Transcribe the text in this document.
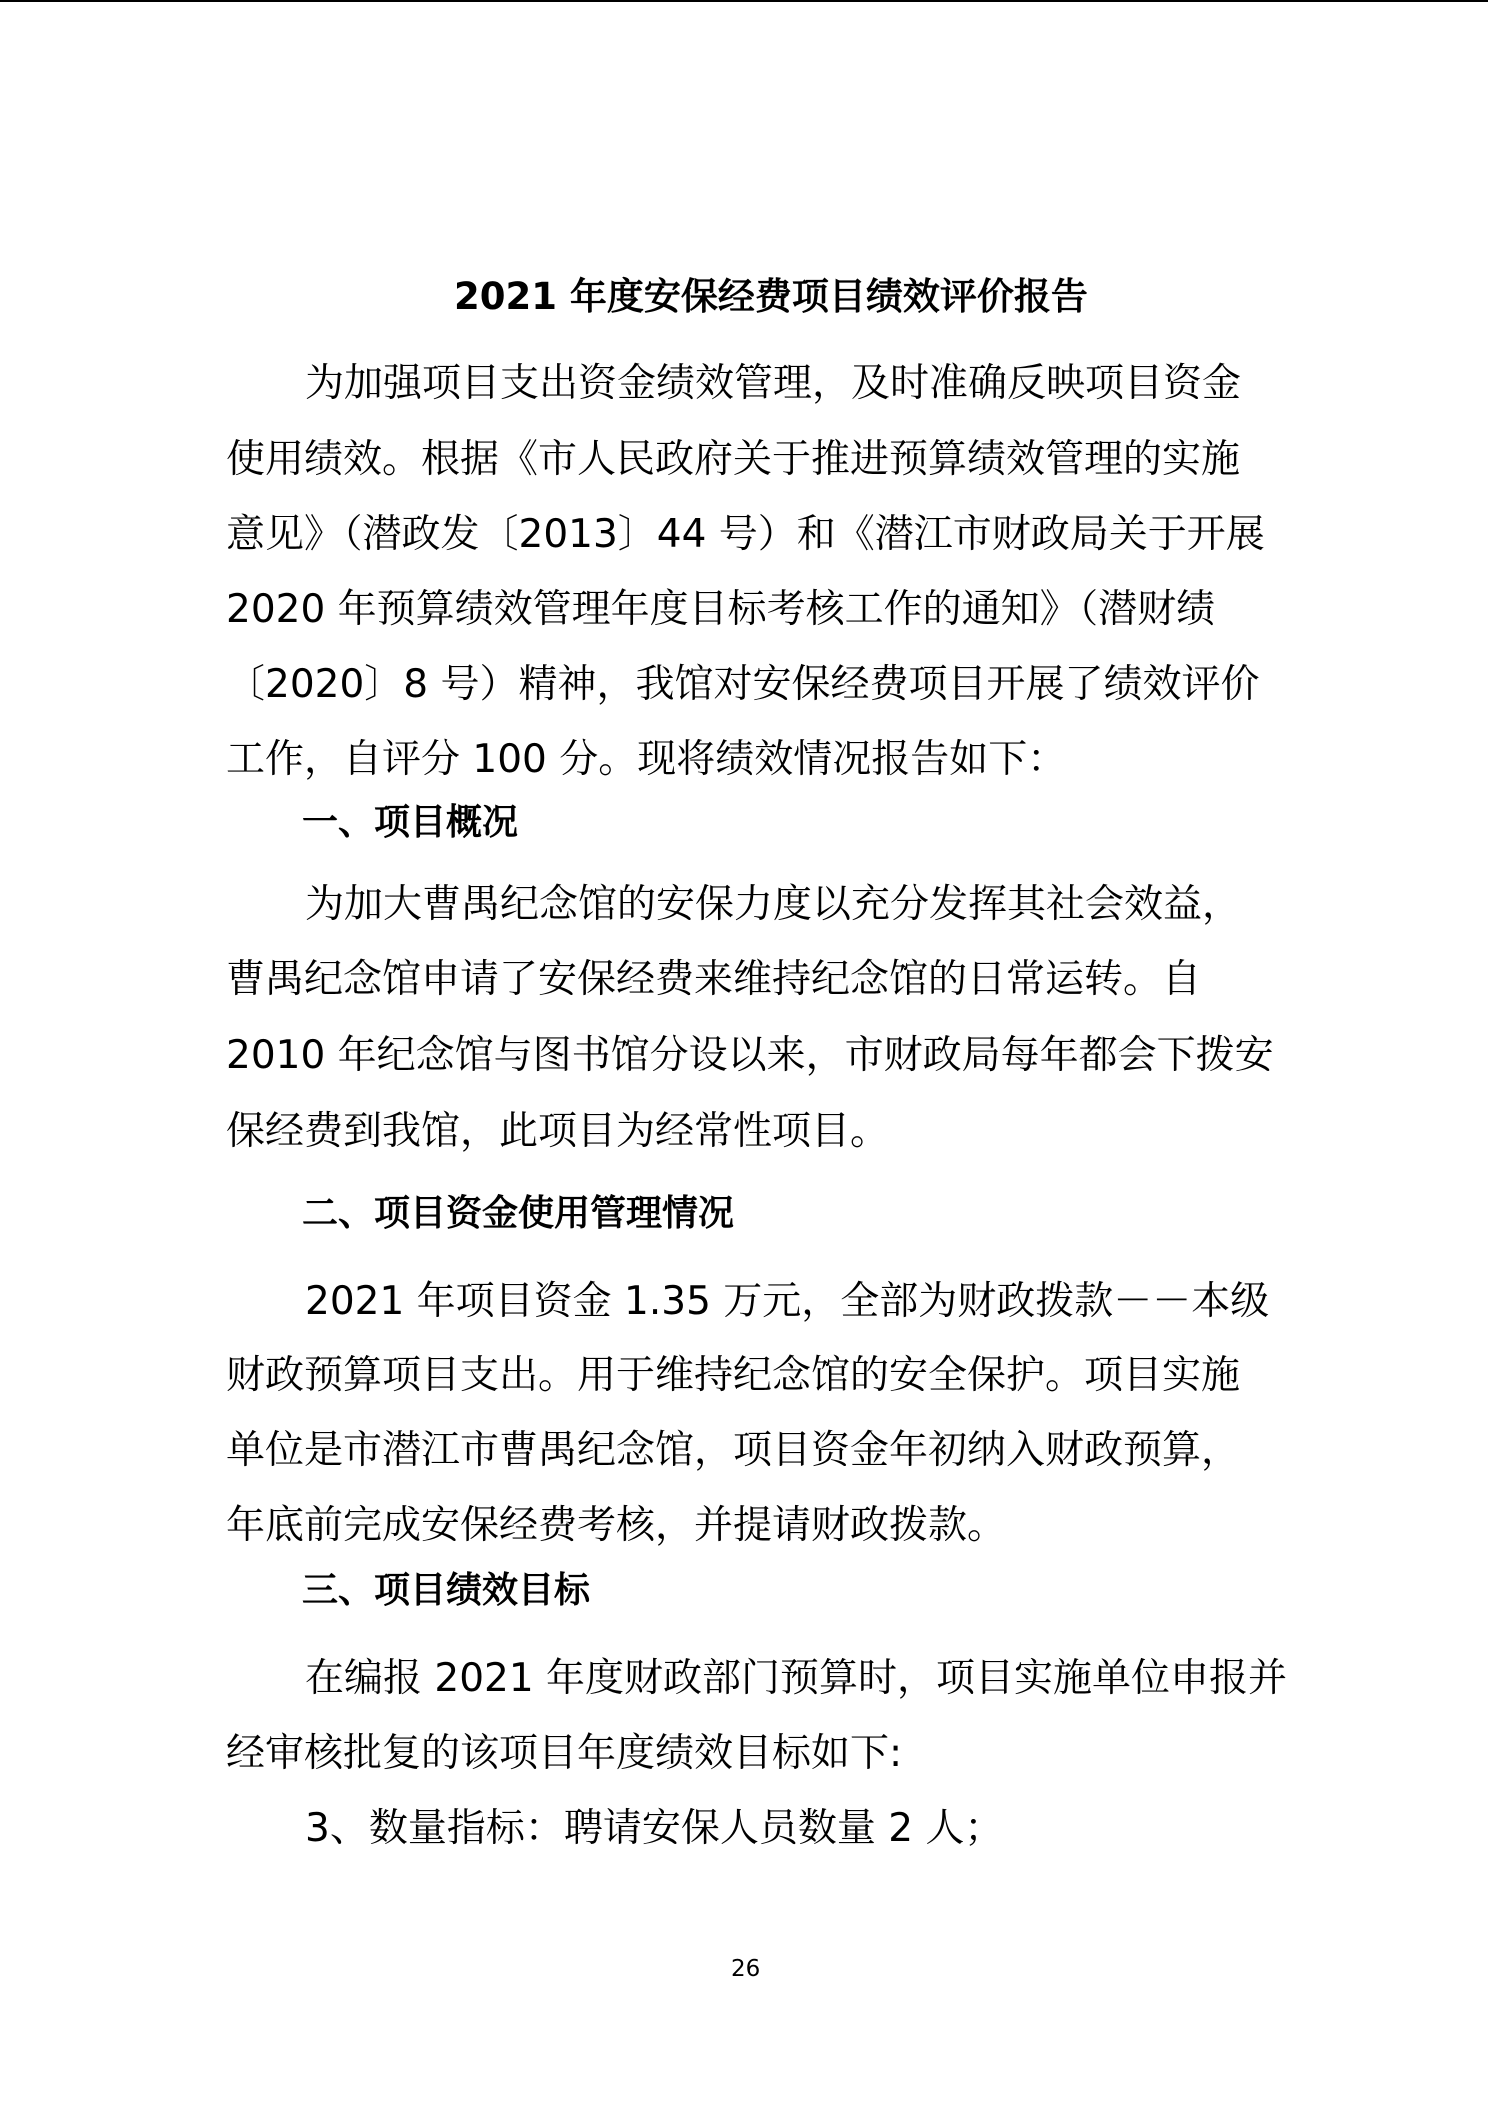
2021 年度安保经费项目绩效评价报告

为加强项目支出资金绩效管理，及时准确反映项目资金

使用绩效。根据《市人民政府关于推进预算绩效管理的实施

意见》（潜政发〔2013〕44 号）和《潜江市财政局关于开展

2020 年预算绩效管理年度目标考核工作的通知》（潜财绩

〔2020〕8 号）精神，我馆对安保经费项目开展了绩效评价

工作，自评分 100 分。现将绩效情况报告如下：

一、项目概况

为加大曹禺纪念馆的安保力度以充分发挥其社会效益，

曹禺纪念馆申请了安保经费来维持纪念馆的日常运转。自

2010 年纪念馆与图书馆分设以来，市财政局每年都会下拨安

保经费到我馆，此项目为经常性项目。

二、项目资金使用管理情况

2021 年项目资金 1.35 万元，全部为财政拨款－－本级

财政预算项目支出。用于维持纪念馆的安全保护。项目实施

单位是市潜江市曹禺纪念馆，项目资金年初纳入财政预算，

年底前完成安保经费考核，并提请财政拨款。

三、项目绩效目标

在编报 2021 年度财政部门预算时，项目实施单位申报并

经审核批复的该项目年度绩效目标如下:

3、数量指标：聘请安保人员数量 2 人；

26
